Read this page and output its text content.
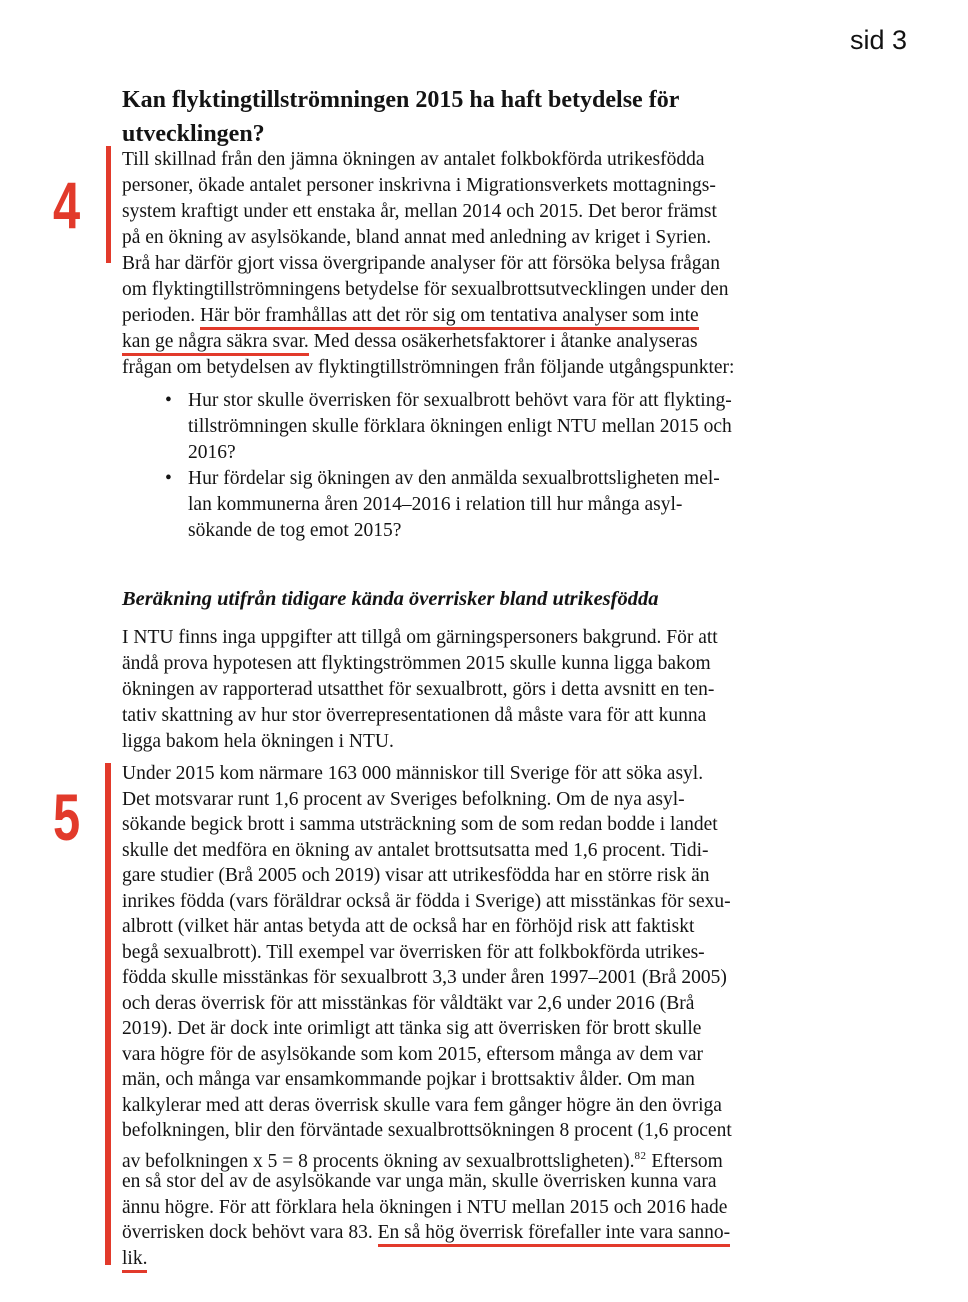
sid 3
Kan flyktingtillströmningen 2015 ha haft betydelse för
utvecklingen?
4
Till skillnad från den jämna ökningen av antalet folkbokförda utrikesfödda
personer, ökade antalet personer inskrivna i Migrationsverkets mottagnings-
system kraftigt under ett enstaka år, mellan 2014 och 2015. Det beror främst
på en ökning av asylsökande, bland annat med anledning av kriget i Syrien.
Brå har därför gjort vissa övergripande analyser för att försöka belysa frågan
om flyktingtillströmningens betydelse för sexualbrottsutvecklingen under den
perioden. Här bör framhållas att det rör sig om tentativa analyser som inte
kan ge några säkra svar. Med dessa osäkerhetsfaktorer i åtanke analyseras
frågan om betydelsen av flyktingtillströmningen från följande utgångspunkter:
• Hur stor skulle överrisken för sexualbrott behövt vara för att flykting-
tillströmningen skulle förklara ökningen enligt NTU mellan 2015 och
2016?
• Hur fördelar sig ökningen av den anmälda sexualbrottsligheten mel-
lan kommunerna åren 2014–2016 i relation till hur många asyl-
sökande de tog emot 2015?
Beräkning utifrån tidigare kända överrisker bland utrikesfödda
I NTU finns inga uppgifter att tillgå om gärningspersoners bakgrund. För att
ändå prova hypotesen att flyktingströmmen 2015 skulle kunna ligga bakom
ökningen av rapporterad utsatthet för sexualbrott, görs i detta avsnitt en ten-
tativ skattning av hur stor överrepresentationen då måste vara för att kunna
ligga bakom hela ökningen i NTU.
5
Under 2015 kom närmare 163 000 människor till Sverige för att söka asyl.
Det motsvarar runt 1,6 procent av Sveriges befolkning. Om de nya asyl-
sökande begick brott i samma utsträckning som de som redan bodde i landet
skulle det medföra en ökning av antalet brottsutsatta med 1,6 procent. Tidi-
gare studier (Brå 2005 och 2019) visar att utrikesfödda har en större risk än
inrikes födda (vars föräldrar också är födda i Sverige) att misstänkas för sexu-
albrott (vilket här antas betyda att de också har en förhöjd risk att faktiskt
begå sexualbrott). Till exempel var överrisken för att folkbokförda utrikes-
födda skulle misstänkas för sexualbrott 3,3 under åren 1997–2001 (Brå 2005)
och deras överrisk för att misstänkas för våldtäkt var 2,6 under 2016 (Brå
2019). Det är dock inte orimligt att tänka sig att överrisken för brott skulle
vara högre för de asylsökande som kom 2015, eftersom många av dem var
män, och många var ensamkommande pojkar i brottsaktiv ålder. Om man
kalkylerar med att deras överrisk skulle vara fem gånger högre än den övriga
befolkningen, blir den förväntade sexualbrottsökningen 8 procent (1,6 procent
av befolkningen x 5 = 8 procents ökning av sexualbrottsligheten).$^{82}$ Eftersom
en så stor del av de asylsökande var unga män, skulle överrisken kunna vara
ännu högre. För att förklara hela ökningen i NTU mellan 2015 och 2016 hade
överrisken dock behövt vara 83. En så hög överrisk förefaller inte vara sanno-
lik.
